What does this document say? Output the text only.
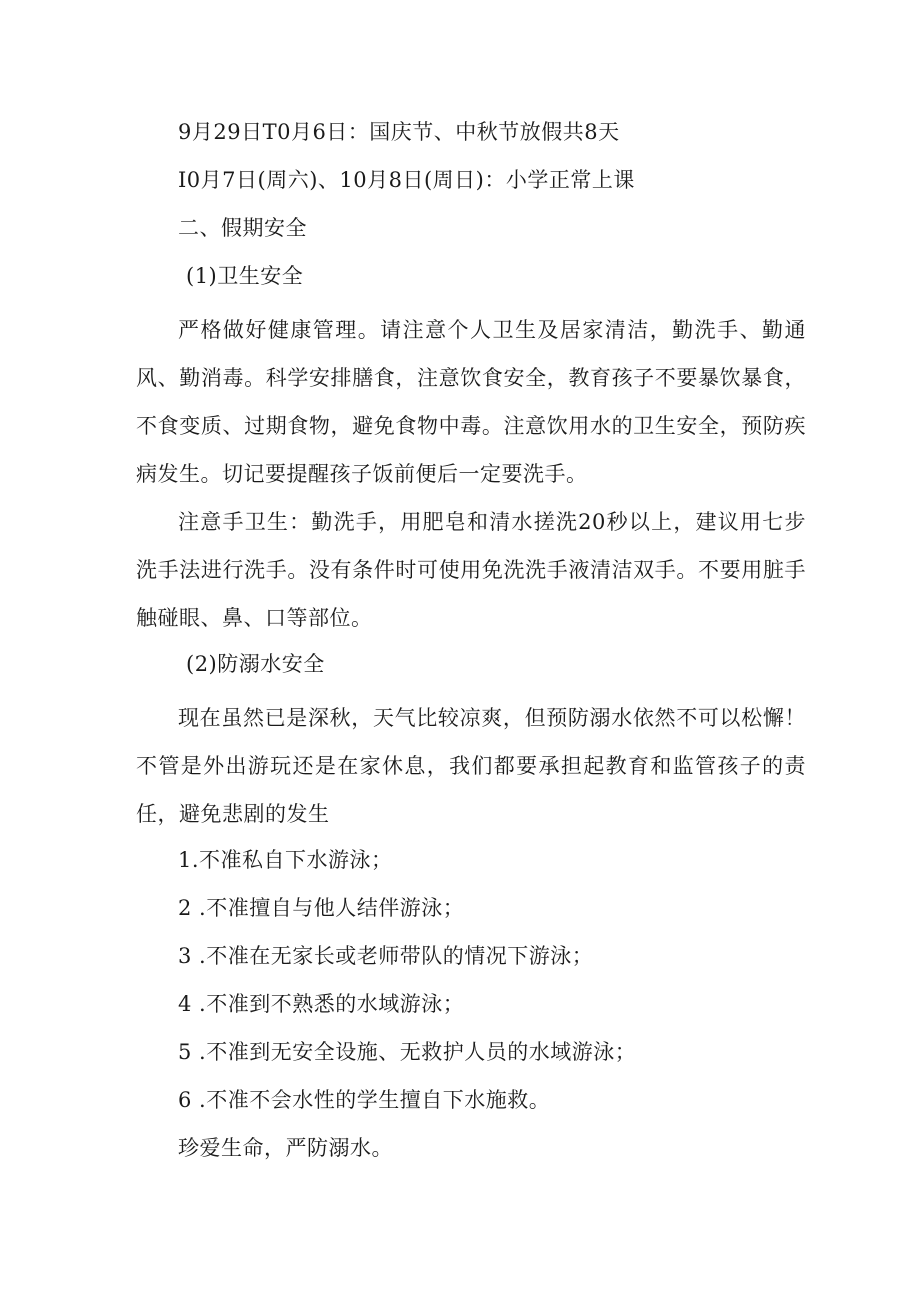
9月29日T0月6日：国庆节、中秋节放假共8天
I0月7日(周六)、10月8日(周日)：小学正常上课
二、假期安全
(1)卫生安全
严格做好健康管理。请注意个人卫生及居家清洁，勤洗手、勤通风、勤消毒。科学安排膳食，注意饮食安全，教育孩子不要暴饮暴食，不食变质、过期食物，避免食物中毒。注意饮用水的卫生安全，预防疾病发生。切记要提醒孩子饭前便后一定要洗手。
注意手卫生：勤洗手，用肥皂和清水搓洗20秒以上，建议用七步洗手法进行洗手。没有条件时可使用免洗洗手液清洁双手。不要用脏手触碰眼、鼻、口等部位。
(2)防溺水安全
现在虽然已是深秋，天气比较凉爽，但预防溺水依然不可以松懈！不管是外出游玩还是在家休息，我们都要承担起教育和监管孩子的责任，避免悲剧的发生
1.不准私自下水游泳；
2 .不准擅自与他人结伴游泳；
3 .不准在无家长或老师带队的情况下游泳；
4 .不准到不熟悉的水域游泳；
5 .不准到无安全设施、无救护人员的水域游泳；
6 .不准不会水性的学生擅自下水施救。
珍爱生命，严防溺水。
